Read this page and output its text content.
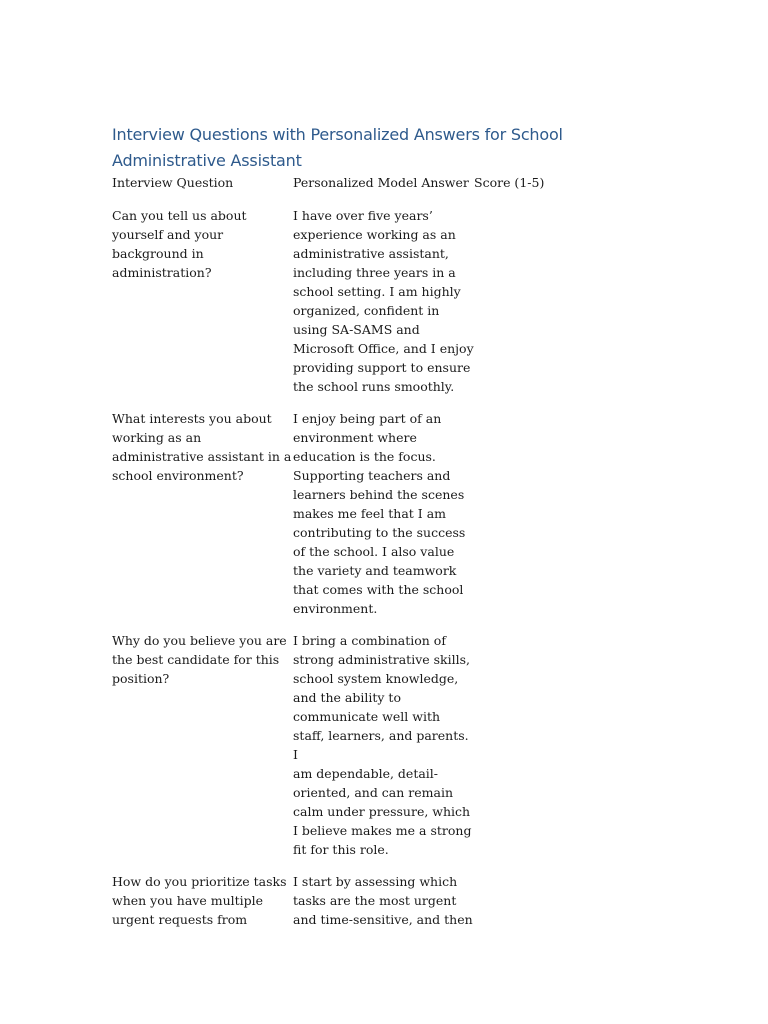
Interview Questions with Personalized Answers for School Administrative Assistant
Interview Question	Personalized Model Answer Score (1-5)
Can you tell us about
yourself and your
background in
administration?
I have over five years’
experience working as an
administrative assistant,
including three years in a
school setting. I am highly
organized, confident in
using SA-SAMS and
Microsoft Office, and I enjoy
providing support to ensure
the school runs smoothly.
What interests you about
working as an
administrative assistant in a
school environment?
I enjoy being part of an
environment where
education is the focus.
Supporting teachers and
learners behind the scenes
makes me feel that I am
contributing to the success
of the school. I also value
the variety and teamwork
that comes with the school
environment.
Why do you believe you are
the best candidate for this
position?
I bring a combination of
strong administrative skills,
school system knowledge,
and the ability to
communicate well with
staff, learners, and parents. I
am dependable, detail-
oriented, and can remain
calm under pressure, which
I believe makes me a strong
fit for this role.
How do you prioritize tasks
when you have multiple
urgent requests from
I start by assessing which
tasks are the most urgent
and time-sensitive, and then
